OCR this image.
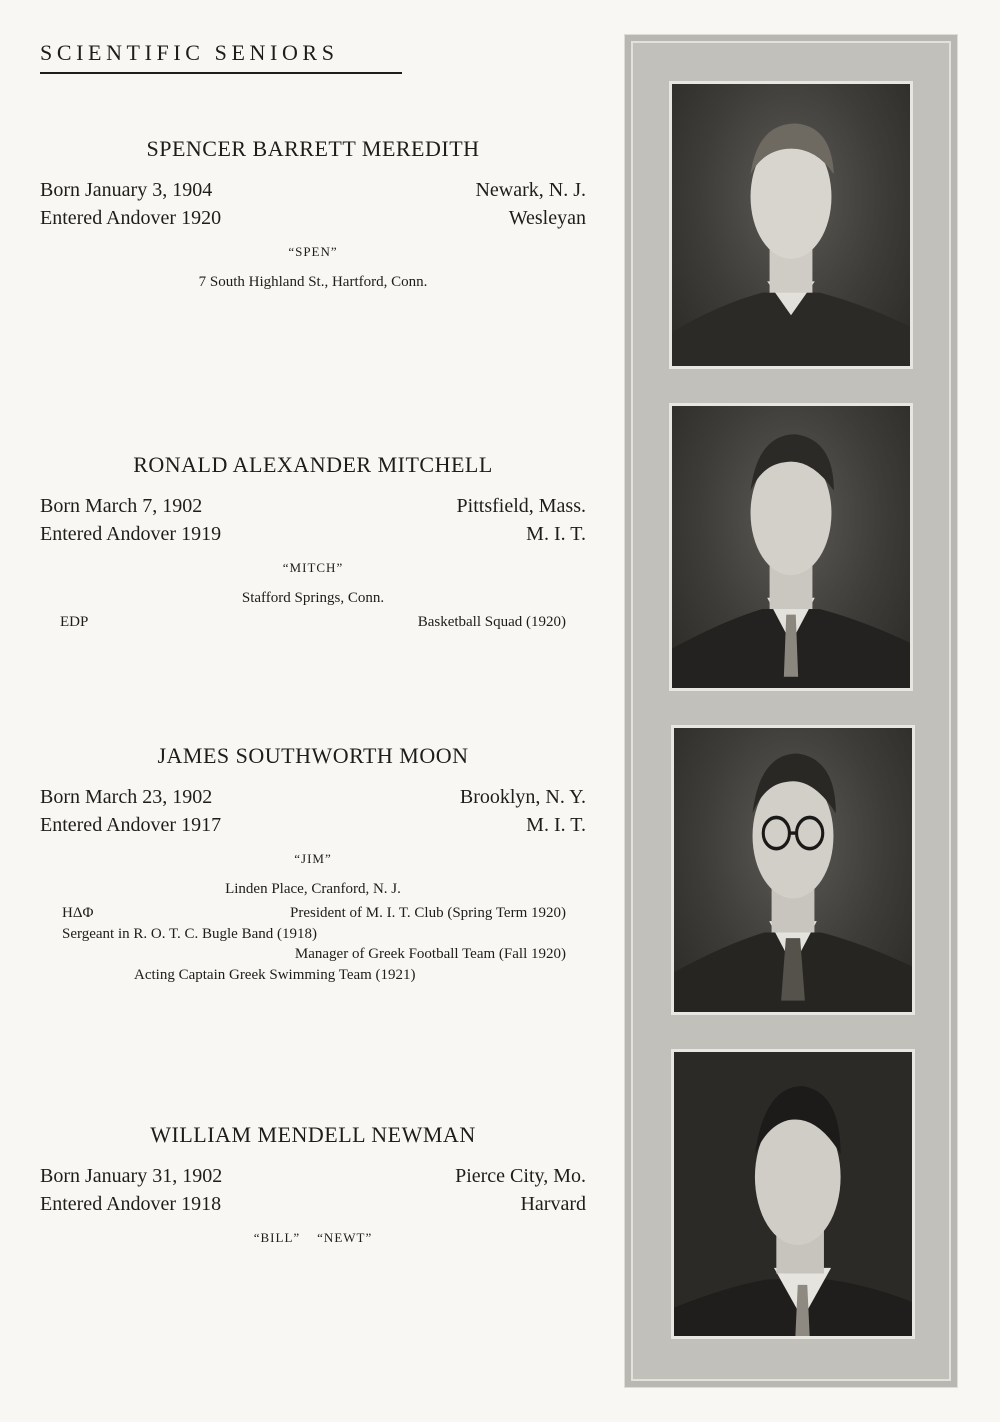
SCIENTIFIC SENIORS
SPENCER BARRETT MEREDITH
Born January 3, 1904	Newark, N. J.
Entered Andover 1920	Wesleyan
“SPEN”
7 South Highland St., Hartford, Conn.
RONALD ALEXANDER MITCHELL
Born March 7, 1902	Pittsfield, Mass.
Entered Andover 1919	M. I. T.
“MITCH”
Stafford Springs, Conn.
EDP	Basketball Squad (1920)
JAMES SOUTHWORTH MOON
Born March 23, 1902	Brooklyn, N. Y.
Entered Andover 1917	M. I. T.
“JIM”
Linden Place, Cranford, N. J.
HΔΦ	President of M. I. T. Club (Spring Term 1920)
Sergeant in R. O. T. C. Bugle Band (1918)
Manager of Greek Football Team (Fall 1920)
Acting Captain Greek Swimming Team (1921)
WILLIAM MENDELL NEWMAN
Born January 31, 1902	Pierce City, Mo.
Entered Andover 1918	Harvard
“BILL”    “NEWT”
